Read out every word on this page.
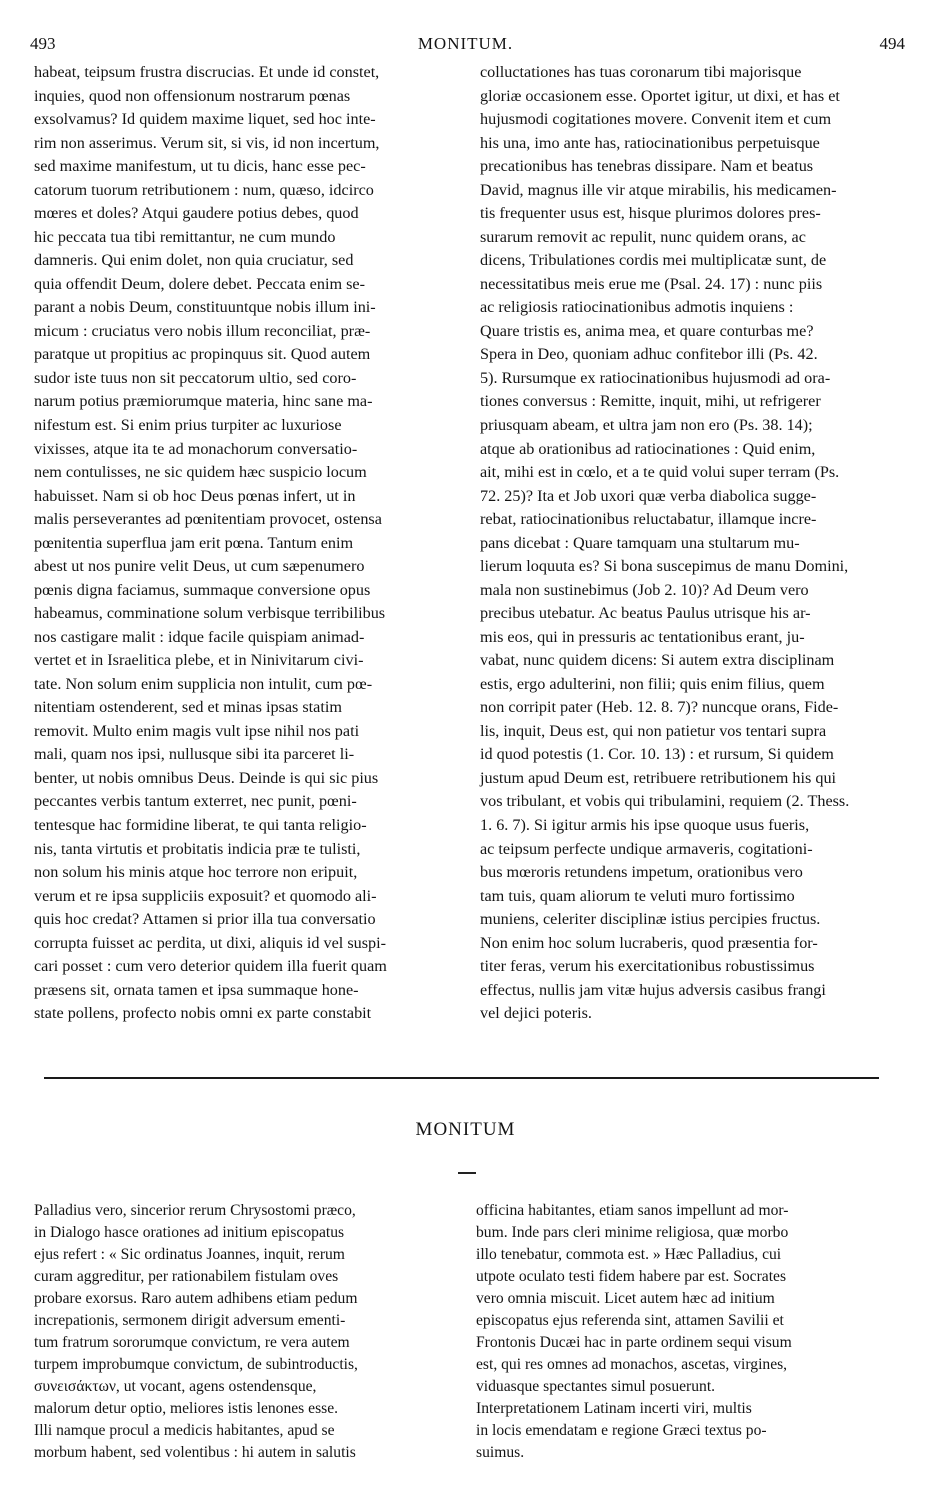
493	MONITUM.	494
habeat, teipsum frustra discrucias. Et unde id constet,
inquies, quod non offensionum nostrarum pœnas
exsolvamus? Id quidem maxime liquet, sed hoc inte-
rim non asserimus. Verum sit, si vis, id non incertum,
sed maxime manifestum, ut tu dicis, hanc esse pec-
catorum tuorum retributionem : num, quæso, idcirco
mœres et doles? Atqui gaudere potius debes, quod
hic peccata tua tibi remittantur, ne cum mundo
damneris. Qui enim dolet, non quia cruciatur, sed
quia offendit Deum, dolere debet. Peccata enim se-
parant a nobis Deum, constituuntque nobis illum ini-
micum : cruciatus vero nobis illum reconciliat, præ-
paratque ut propitius ac propinquus sit. Quod autem
sudor iste tuus non sit peccatorum ultio, sed coro-
narum potius præmiorumque materia, hinc sane ma-
nifestum est. Si enim prius turpiter ac luxuriose
vixisses, atque ita te ad monachorum conversatio-
nem contulisses, ne sic quidem hæc suspicio locum
habuisset. Nam si ob hoc Deus pœnas infert, ut in
malis perseverantes ad pœnitentiam provocet, ostensa
pœnitentia superflua jam erit pœna. Tantum enim
abest ut nos punire velit Deus, ut cum sæpenumero
pœnis digna faciamus, summaque conversione opus
habeamus, comminatione solum verbisque terribilibus
nos castigare malit : idque facile quispiam animad-
vertet et in Israelitica plebe, et in Ninivitarum civi-
tate. Non solum enim supplicia non intulit, cum pœ-
nitentiam ostenderent, sed et minas ipsas statim
removit. Multo enim magis vult ipse nihil nos pati
mali, quam nos ipsi, nullusque sibi ita parceret li-
benter, ut nobis omnibus Deus. Deinde is qui sic pius
peccantes verbis tantum exterret, nec punit, pœni-
tentesque hac formidine liberat, te qui tanta religio-
nis, tanta virtutis et probitatis indicia præ te tulisti,
non solum his minis atque hoc terrore non eripuit,
verum et re ipsa suppliciis exposuit? et quomodo ali-
quis hoc credat? Attamen si prior illa tua conversatio
corrupta fuisset ac perdita, ut dixi, aliquis id vel suspi-
cari posset : cum vero deterior quidem illa fuerit quam
præsens sit, ornata tamen et ipsa summaque hone-
state pollens, profecto nobis omni ex parte constabit
colluctationes has tuas coronarum tibi majorisque
gloriæ occasionem esse. Oportet igitur, ut dixi, et has et
hujusmodi cogitationes movere. Convenit item et cum
his una, imo ante has, ratiocinationibus perpetuisque
precationibus has tenebras dissipare. Nam et beatus
David, magnus ille vir atque mirabilis, his medicamen-
tis frequenter usus est, hisque plurimos dolores pres-
surarum removit ac repulit, nunc quidem orans, ac
dicens, Tribulationes cordis mei multiplicatæ sunt, de
necessitatibus meis erue me (Psal. 24. 17) : nunc piis
ac religiosis ratiocinationibus admotis inquiens :
Quare tristis es, anima mea, et quare conturbas me?
Spera in Deo, quoniam adhuc confitebor illi (Ps. 42.
5). Rursumque ex ratiocinationibus hujusmodi ad ora-
tiones conversus : Remitte, inquit, mihi, ut refrigerer
priusquam abeam, et ultra jam non ero (Ps. 38. 14);
atque ab orationibus ad ratiocinationes : Quid enim,
ait, mihi est in cœlo, et a te quid volui super terram (Ps.
72. 25)? Ita et Job uxori quæ verba diabolica sugge-
rebat, ratiocinationibus reluctabatur, illamque incre-
pans dicebat : Quare tamquam una stultarum mu-
lierum loquuta es? Si bona suscepimus de manu Domini,
mala non sustinebimus (Job 2. 10)? Ad Deum vero
precibus utebatur. Ac beatus Paulus utrisque his ar-
mis eos, qui in pressuris ac tentationibus erant, ju-
vabat, nunc quidem dicens: Si autem extra disciplinam
estis, ergo adulterini, non filii; quis enim filius, quem
non corripit pater (Heb. 12. 8. 7)? nuncque orans, Fide-
lis, inquit, Deus est, qui non patietur vos tentari supra
id quod potestis (1. Cor. 10. 13) : et rursum, Si quidem
justum apud Deum est, retribuere retributionem his qui
vos tribulant, et vobis qui tribulamini, requiem (2. Thess.
1. 6. 7). Si igitur armis his ipse quoque usus fueris,
ac teipsum perfecte undique armaveris, cogitationi-
bus mœroris retundens impetum, orationibus vero
tam tuis, quam aliorum te veluti muro fortissimo
muniens, celeriter disciplinæ istius percipies fructus.
Non enim hoc solum lucraberis, quod præsentia for-
titer feras, verum his exercitationibus robustissimus
effectus, nullis jam vitæ hujus adversis casibus frangi
vel dejici poteris.
MONITUM
Palladius vero, sincerior rerum Chrysostomi præco,
in Dialogo hasce orationes ad initium episcopatus
ejus refert : « Sic ordinatus Joannes, inquit, rerum
curam aggreditur, per rationabilem fistulam oves
probare exorsus. Raro autem adhibens etiam pedum
increpationis, sermonem dirigit adversum ementi-
tum fratrum sororumque convictum, re vera autem
turpem improbumque convictum, de subintroductis,
συνεισάκτων, ut vocant, agens ostendensque,
malorum detur optio, meliores istis lenones esse.
Illi namque procul a medicis habitantes, apud se
morbum habent, sed volentibus : hi autem in salutis
officina habitantes, etiam sanos impellunt ad mor-
bum. Inde pars cleri minime religiosa, quæ morbo
illo tenebatur, commota est. » Hæc Palladius, cui
utpote oculato testi fidem habere par est. Socrates
vero omnia miscuit. Licet autem hæc ad initium
episcopatus ejus referenda sint, attamen Savilii et
Frontonis Ducæi hac in parte ordinem sequi visum
est, qui res omnes ad monachos, ascetas, virgines,
viduasque spectantes simul posuerunt.
Interpretationem Latinam incerti viri, multis
in locis emendatam e regione Græci textus po-
suimus.
